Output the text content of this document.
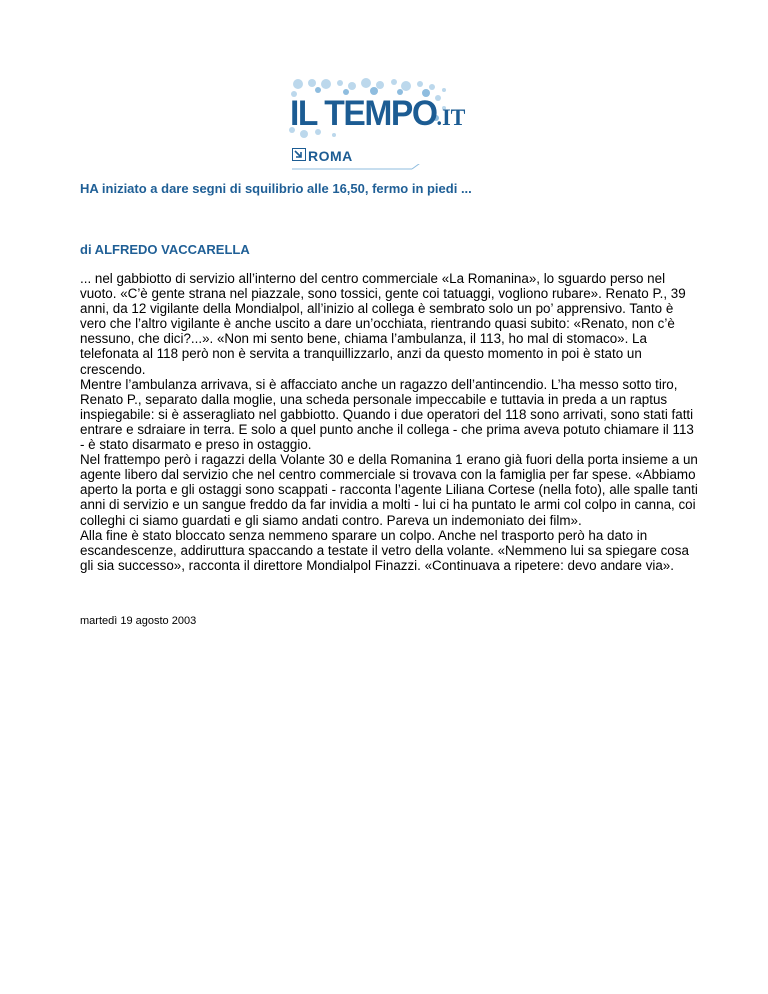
IL TEMPO.IT
ROMA
HA iniziato a dare segni di squilibrio alle 16,50, fermo in piedi ...
di ALFREDO VACCARELLA

... nel gabbiotto di servizio all’interno del centro commerciale «La Romanina», lo sguardo perso nel vuoto. «C’è gente strana nel piazzale, sono tossici, gente coi tatuaggi, vogliono rubare». Renato P., 39 anni, da 12 vigilante della Mondialpol, all’inizio al collega è sembrato solo un po’ apprensivo. Tanto è vero che l’altro vigilante è anche uscito a dare un’occhiata, rientrando quasi subito: «Renato, non c’è nessuno, che dici?...». «Non mi sento bene, chiama l’ambulanza, il 113, ho mal di stomaco». La telefonata al 118 però non è servita a tranquillizzarlo, anzi da questo momento in poi è stato un crescendo.

Mentre l’ambulanza arrivava, si è affacciato anche un ragazzo dell’antincendio. L’ha messo sotto tiro, Renato P., separato dalla moglie, una scheda personale impeccabile e tuttavia in preda a un raptus inspiegabile: si è asseragliato nel gabbiotto. Quando i due operatori del 118 sono arrivati, sono stati fatti entrare e sdraiare in terra. E solo a quel punto anche il collega - che prima aveva potuto chiamare il 113 - è stato disarmato e preso in ostaggio.

Nel frattempo però i ragazzi della Volante 30 e della Romanina 1 erano già fuori della porta insieme a un agente libero dal servizio che nel centro commerciale si trovava con la famiglia per far spese. «Abbiamo aperto la porta e gli ostaggi sono scappati - racconta l’agente Liliana Cortese (nella foto), alle spalle tanti anni di servizio e un sangue freddo da far invidia a molti - lui ci ha puntato le armi col colpo in canna, coi colleghi ci siamo guardati e gli siamo andati contro. Pareva un indemoniato dei film».

Alla fine è stato bloccato senza nemmeno sparare un colpo. Anche nel trasporto però ha dato in escandescenze, addiruttura spaccando a testate il vetro della volante. «Nemmeno lui sa spiegare cosa gli sia successo», racconta il direttore Mondialpol Finazzi. «Continuava a ripetere: devo andare via».

martedì 19 agosto 2003
